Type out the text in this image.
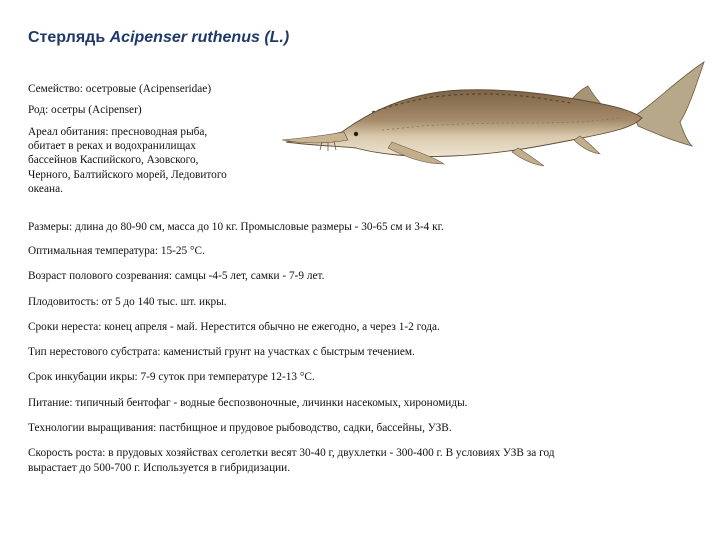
Стерлядь Acipenser ruthenus (L.)

Семейство: осетровые (Acipenseridae)

Род: осетры (Acipenser)

Ареал обитания: пресноводная рыба,
обитает в реках и водохранилищах
бассейнов Каспийского, Азовского,
Черного, Балтийского морей, Ледовитого
океана.

Размеры: длина до 80-90 см, масса до 10 кг. Промысловые размеры - 30-65 см и 3-4 кг.

Оптимальная температура: 15-25 °С.

Возраст полового созревания: самцы -4-5 лет, самки - 7-9 лет.

Плодовитость: от 5 до 140 тыс. шт. икры.

Сроки нереста: конец апреля - май. Нерестится обычно не ежегодно, а через 1-2 года.

Тип нерестового субстрата: каменистый грунт на участках с быстрым течением.

Срок инкубации икры: 7-9 суток при температуре 12-13 °С.

Питание: типичный бентофаг - водные беспозвоночные, личинки насекомых, хирономиды.

Технологии выращивания: пастбищное и прудовое рыбоводство, садки, бассейны, УЗВ.

Скорость роста: в прудовых хозяйствах сеголетки весят 30-40 г, двухлетки - 300-400 г. В условиях УЗВ за год
вырастает до 500-700 г. Используется в гибридизации.
